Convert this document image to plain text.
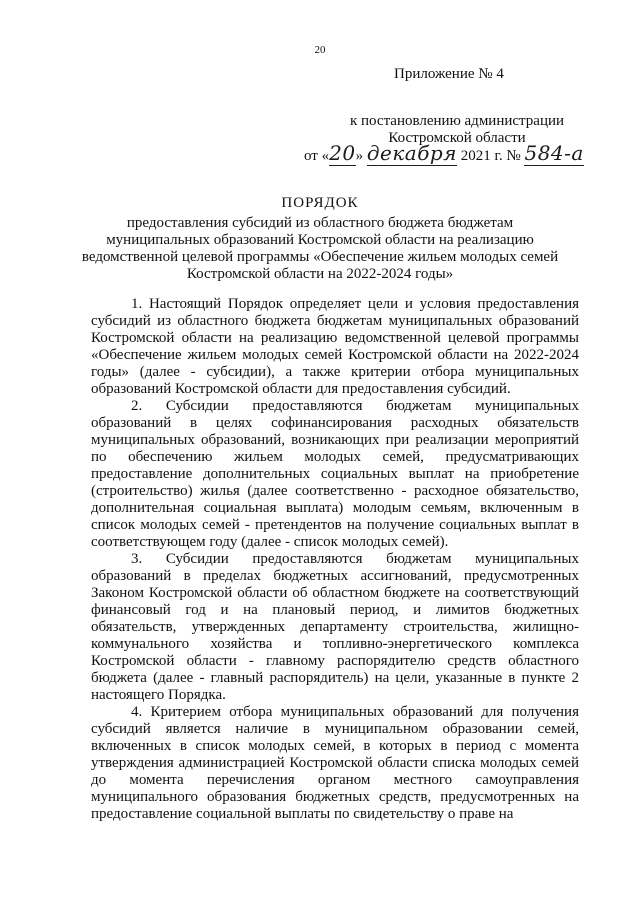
20
Приложение № 4
к постановлению администрации
Костромской области
от «20» декабря 2021 г. № 584-а
ПОРЯДОК
предоставления субсидий из областного бюджета бюджетам муниципальных образований Костромской области на реализацию ведомственной целевой программы «Обеспечение жильем молодых семей Костромской области на 2022-2024 годы»

1. Настоящий Порядок определяет цели и условия предоставления субсидий из областного бюджета бюджетам муниципальных образований Костромской области на реализацию ведомственной целевой программы «Обеспечение жильем молодых семей Костромской области на 2022-2024 годы» (далее - субсидии), а также критерии отбора муниципальных образований Костромской области для предоставления субсидий.

2. Субсидии предоставляются бюджетам муниципальных образований в целях софинансирования расходных обязательств муниципальных образований, возникающих при реализации мероприятий по обеспечению жильем молодых семей, предусматривающих предоставление дополнительных социальных выплат на приобретение (строительство) жилья (далее соответственно - расходное обязательство, дополнительная социальная выплата) молодым семьям, включенным в список молодых семей - претендентов на получение социальных выплат в соответствующем году (далее - список молодых семей).

3. Субсидии предоставляются бюджетам муниципальных образований в пределах бюджетных ассигнований, предусмотренных Законом Костромской области об областном бюджете на соответствующий финансовый год и на плановый период, и лимитов бюджетных обязательств, утвержденных департаменту строительства, жилищно-коммунального хозяйства и топливно-энергетического комплекса Костромской области - главному распорядителю средств областного бюджета (далее - главный распорядитель) на цели, указанные в пункте 2 настоящего Порядка.

4. Критерием отбора муниципальных образований для получения субсидий является наличие в муниципальном образовании семей, включенных в список молодых семей, в которых в период с момента утверждения администрацией Костромской области списка молодых семей до момента перечисления органом местного самоуправления муниципального образования бюджетных средств, предусмотренных на предоставление социальной выплаты по свидетельству о праве на
